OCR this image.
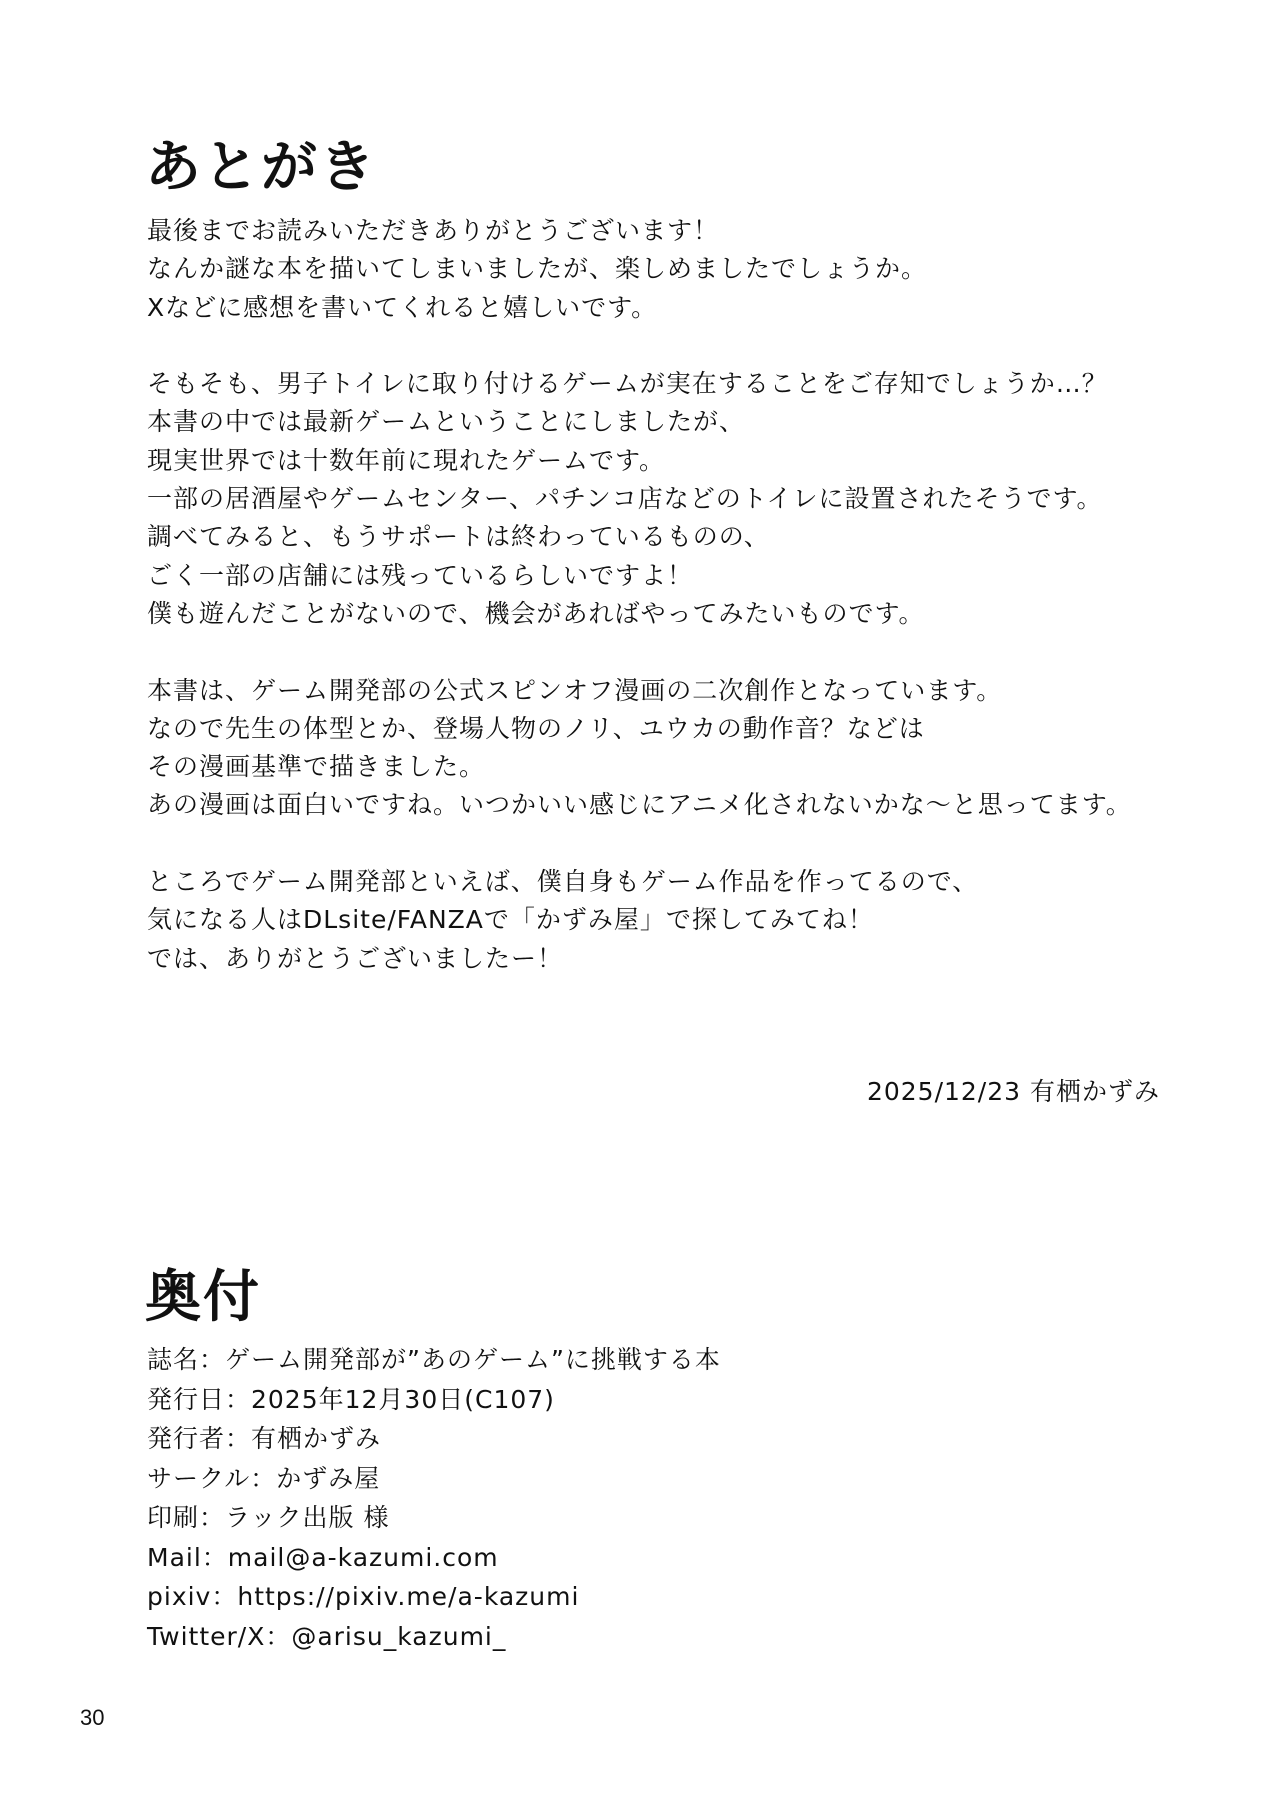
あとがき

最後までお読みいただきありがとうございます！
なんか謎な本を描いてしまいましたが、楽しめましたでしょうか。
Xなどに感想を書いてくれると嬉しいです。

そもそも、男子トイレに取り付けるゲームが実在することをご存知でしょうか…？
本書の中では最新ゲームということにしましたが、
現実世界では十数年前に現れたゲームです。
一部の居酒屋やゲームセンター、パチンコ店などのトイレに設置されたそうです。
調べてみると、もうサポートは終わっているものの、
ごく一部の店舗には残っているらしいですよ！
僕も遊んだことがないので、機会があればやってみたいものです。

本書は、ゲーム開発部の公式スピンオフ漫画の二次創作となっています。
なので先生の体型とか、登場人物のノリ、ユウカの動作音？などは
その漫画基準で描きました。
あの漫画は面白いですね。いつかいい感じにアニメ化されないかな～と思ってます。

ところでゲーム開発部といえば、僕自身もゲーム作品を作ってるので、
気になる人はDLsite/FANZAで「かずみ屋」で探してみてね！
では、ありがとうございましたー！

2025/12/23 有栖かずみ
奥付
誌名：ゲーム開発部が”あのゲーム”に挑戦する本
発行日：2025年12月30日(C107)
発行者：有栖かずみ
サークル：かずみ屋
印刷：ラック出版 様
Mail：mail@a-kazumi.com
pixiv：https://pixiv.me/a-kazumi
Twitter/X：@arisu_kazumi_
30
